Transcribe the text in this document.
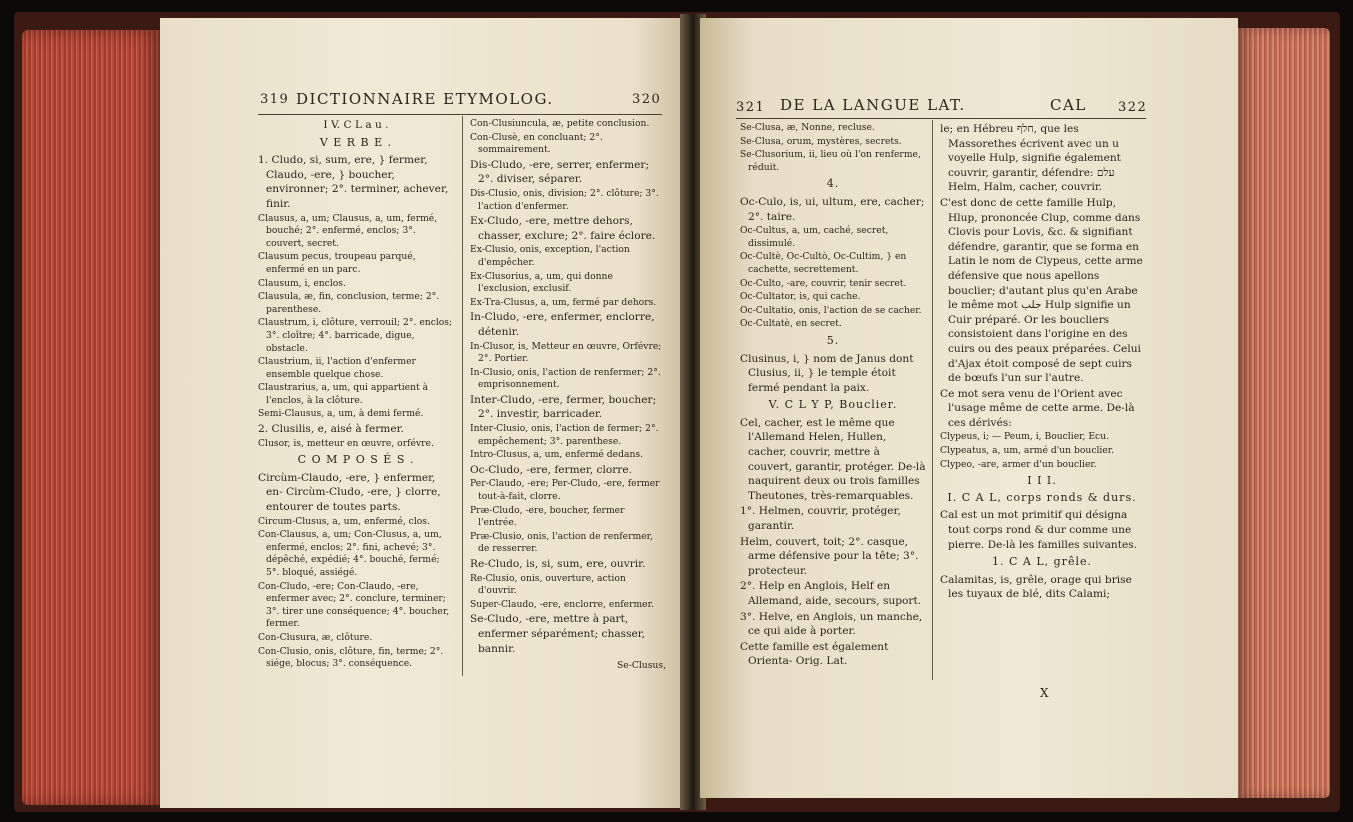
319 DICTIONNAIRE ETYMOLOG.	320

I V. C L a u .

V E R B E .

1. Cludo, si, sum, ere, } fermer, Claudo, -ere, } boucher, environner; 2°. terminer, achever, finir.

Clausus, a, um; Clausus, a, um, fermé, bouché; 2°. enfermé, enclos; 3°. couvert, secret.

Clausum pecus, troupeau parqué, enfermé en un parc.

Clausum, i, enclos.

Clausula, æ, fin, conclusion, terme; 2°. parenthese.

Claustrum, i, clôture, verrouil; 2°. enclos; 3°. cloître; 4°. barricade, digue, obstacle.

Claustrium, ii, l'action d'enfermer ensemble quelque chose.

Claustrarius, a, um, qui appartient à l'enclos, à la clôture.

Semi-Clausus, a, um, à demi fermé.

2. Clusilis, e, aisé à fermer.

Clusor, is, metteur en œuvre, orfévre.

C O M P O S É S .

Circùm-Claudo, -ere, } enfermer, en- Circùm-Cludo, -ere, } clorre, entourer de toutes parts.

Circum-Clusus, a, um, enfermé, clos.

Con-Clausus, a, um; Con-Clusus, a, um, enfermé, enclos; 2°. fini, achevé; 3°. dépêché, expédié; 4°. bouché, fermé; 5°. bloqué, assiégé.

Con-Cludo, -ere; Con-Claudo, -ere, enfermer avec; 2°. conclure, terminer; 3°. tirer une conséquence; 4°. boucher, fermer.

Con-Clusura, æ, clôture.

Con-Clusio, onis, clôture, fin, terme; 2°. siége, blocus; 3°. conséquence.

Con-Clusiuncula, æ, petite conclusion.

Con-Clusè, en concluant; 2°. sommairement.

Dis-Cludo, -ere, serrer, enfermer; 2°. diviser, séparer.

Dis-Clusio, onis, division; 2°. clôture; 3°. l'action d'enfermer.

Ex-Cludo, -ere, mettre dehors, chasser, exclure; 2°. faire éclore.

Ex-Clusio, onis, exception, l'action d'empêcher.

Ex-Clusorius, a, um, qui donne l'exclusion, exclusif.

Ex-Tra-Clusus, a, um, fermé par dehors.

In-Cludo, -ere, enfermer, enclorre, détenir.

In-Clusor, is, Metteur en œuvre, Orfévre; 2°. Portier.

In-Clusio, onis, l'action de renfermer; 2°. emprisonnement.

Inter-Cludo, -ere, fermer, boucher; 2°. investir, barricader.

Inter-Clusio, onis, l'action de fermer; 2°. empêchement; 3°. parenthese.

Intro-Clusus, a, um, enfermé dedans.

Oc-Cludo, -ere, fermer, clorre.

Per-Claudo, -ere; Per-Cludo, -ere, fermer tout-à-fait, clorre.

Præ-Cludo, -ere, boucher, fermer l'entrée.

Præ-Clusio, onis, l'action de renfermer, de resserrer.

Re-Cludo, is, si, sum, ere, ouvrir.

Re-Clusio, onis, ouverture, action d'ouvrir.

Super-Claudo, -ere, enclorre, enfermer.

Se-Cludo, -ere, mettre à part, enfermer séparément; chasser, bannir.

Se-Clusus,

321 DE LA LANGUE LAT.	CAL 322

Se-Clusa, æ, Nonne, recluse.

Se-Clusa, orum, mystères, secrets.

Se-Clusorium, ii, lieu où l'on renferme, réduit.

4.

Oc-Culo, is, ui, ultum, ere, cacher; 2°. taire.

Oc-Cultus, a, um, caché, secret, dissimulé.

Oc-Cultè, Oc-Cultò, Oc-Cultim, } en cachette, secrettement.

Oc-Culto, -are, couvrir, tenir secret.

Oc-Cultator, is, qui cache.

Oc-Cultatio, onis, l'action de se cacher.

Oc-Cultatè, en secret.

5.

Clusinus, i, } nom de Janus dont Clusius, ii, } le temple étoit fermé pendant la paix.

V. C L Y P, Bouclier.

Cel, cacher, est le même que l'Allemand Helen, Hullen, cacher, couvrir, mettre à couvert, garantir, protéger. De-là naquirent deux ou trois familles Theutones, très-remarquables.

1°. Helmen, couvrir, protéger, garantir.

Helm, couvert, toit; 2°. casque, arme défensive pour la tête; 3°. protecteur.

2°. Help en Anglois, Helf en Allemand, aide, secours, suport.

3°. Helve, en Anglois, un manche, ce qui aide à porter.

Cette famille est également Orienta- Orig. Lat.

le; en Hébreu חלף, que les Massorethes écrivent avec un u voyelle Hulp, signifie également couvrir, garantir, défendre: עלם Helm, Halm, cacher, couvrir.

C'est donc de cette famille Hulp, Hlup, prononcée Clup, comme dans Clovis pour Lovis, &c. & signifiant défendre, garantir, que se forma en Latin le nom de Clypeus, cette arme défensive que nous apellons bouclier; d'autant plus qu'en Arabe le même mot جلب Hulp signifie un Cuir préparé. Or les boucliers consistoient dans l'origine en des cuirs ou des peaux préparées. Celui d'Ajax étoit composé de sept cuirs de bœufs l'un sur l'autre.

Ce mot sera venu de l'Orient avec l'usage même de cette arme. De-là ces dérivés:

Clypeus, i; — Peum, i, Bouclier, Ecu.

Clypeatus, a, um, armé d'un bouclier.

Clypeo, -are, armer d'un bouclier.

I I I.

I. C A L, corps ronds & durs.

Cal est un mot primitif qui désigna tout corps rond & dur comme une pierre. De-là les familles suivantes.

1. C A L, grêle.

Calamitas, is, grêle, orage qui brise les tuyaux de blé, dits Calami;

X
